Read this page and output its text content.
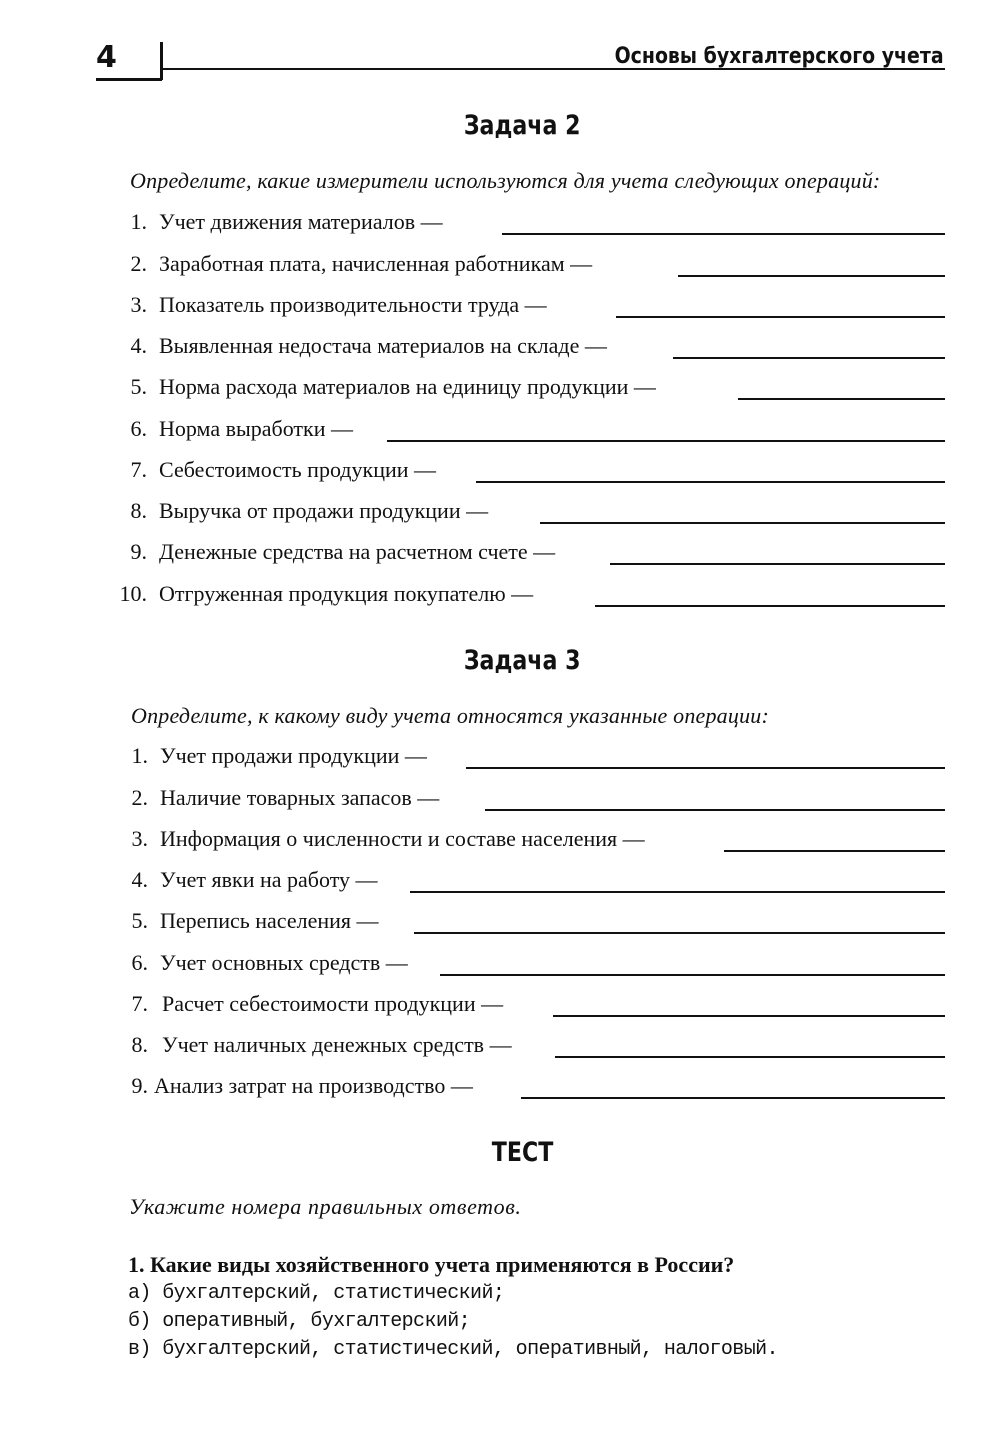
4	Основы бухгалтерского учета
Задача 2
Определите, какие измерители используются для учета следующих операций:
1. Учет движения материалов —
2. Заработная плата, начисленная работникам —
3. Показатель производительности труда —
4. Выявленная недостача материалов на складе —
5. Норма расхода материалов на единицу продукции —
6. Норма выработки —
7. Себестоимость продукции —
8. Выручка от продажи продукции —
9. Денежные средства на расчетном счете —
10. Отгруженная продукция покупателю —
Задача 3
Определите, к какому виду учета относятся указанные операции:
1. Учет продажи продукции —
2. Наличие товарных запасов —
3. Информация о численности и составе населения —
4. Учет явки на работу —
5. Перепись населения —
6. Учет основных средств —
7. Расчет себестоимости продукции —
8. Учет наличных денежных средств —
9. Анализ затрат на производство —
ТЕСТ
Укажите номера правильных ответов.
1. Какие виды хозяйственного учета применяются в России?
а) бухгалтерский, статистический;
б) оперативный, бухгалтерский;
в) бухгалтерский, статистический, оперативный, налоговый.
